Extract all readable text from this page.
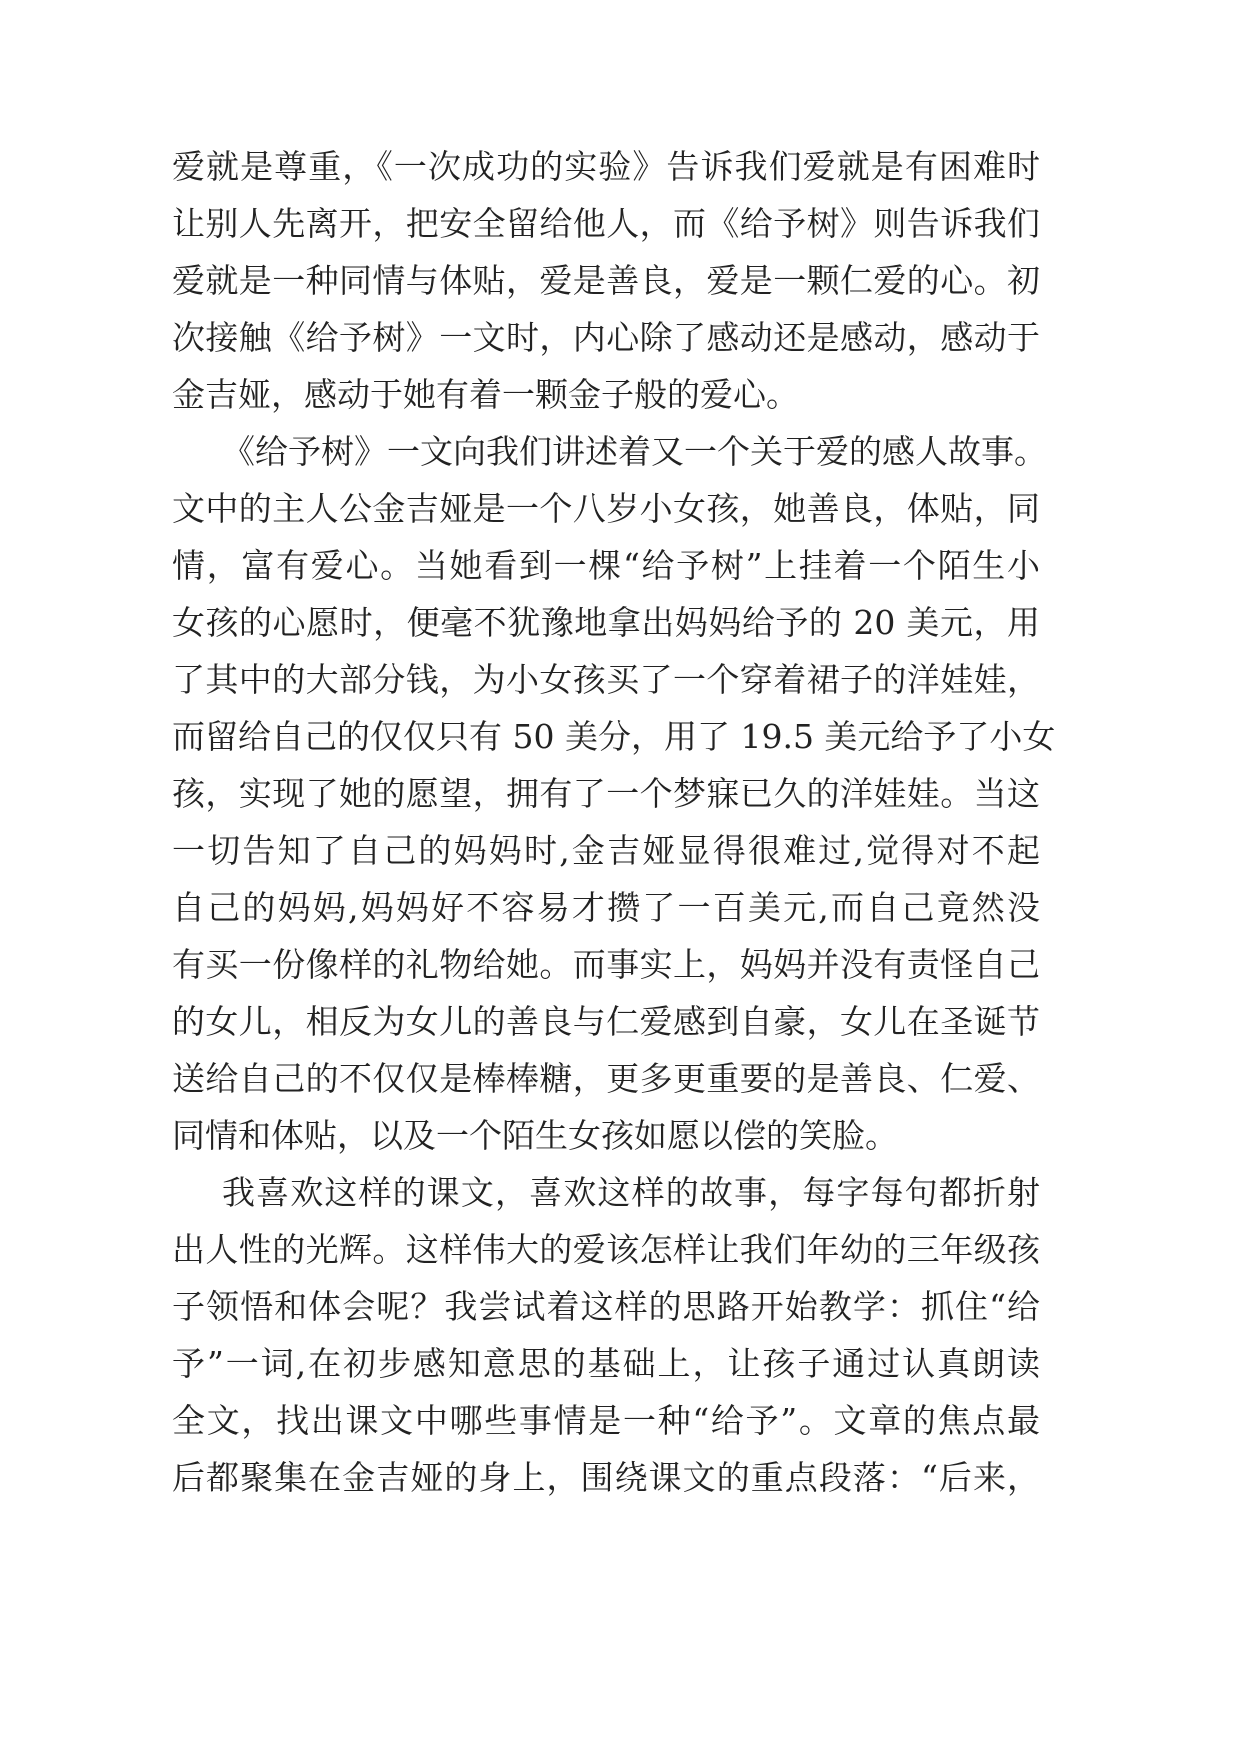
爱就是尊重，《一次成功的实验》告诉我们爱就是有困难时
让别人先离开，把安全留给他人，而《给予树》则告诉我们
爱就是一种同情与体贴，爱是善良，爱是一颗仁爱的心。初
次接触《给予树》一文时，内心除了感动还是感动，感动于
金吉娅，感动于她有着一颗金子般的爱心。
《给予树》一文向我们讲述着又一个关于爱的感人故事。
文中的主人公金吉娅是一个八岁小女孩，她善良，体贴，同
情，富有爱心。当她看到一棵“给予树”上挂着一个陌生小
女孩的心愿时，便毫不犹豫地拿出妈妈给予的 20 美元，用
了其中的大部分钱，为小女孩买了一个穿着裙子的洋娃娃，
而留给自己的仅仅只有 50 美分，用了 19.5 美元给予了小女
孩，实现了她的愿望，拥有了一个梦寐已久的洋娃娃。当这
一切告知了自己的妈妈时,金吉娅显得很难过,觉得对不起
自己的妈妈,妈妈好不容易才攒了一百美元,而自己竟然没
有买一份像样的礼物给她。而事实上，妈妈并没有责怪自己
的女儿，相反为女儿的善良与仁爱感到自豪，女儿在圣诞节
送给自己的不仅仅是棒棒糖，更多更重要的是善良、仁爱、
同情和体贴，以及一个陌生女孩如愿以偿的笑脸。
我喜欢这样的课文，喜欢这样的故事，每字每句都折射
出人性的光辉。这样伟大的爱该怎样让我们年幼的三年级孩
子领悟和体会呢？我尝试着这样的思路开始教学：抓住“给
予”一词,在初步感知意思的基础上，让孩子通过认真朗读
全文，找出课文中哪些事情是一种“给予”。文章的焦点最
后都聚集在金吉娅的身上，围绕课文的重点段落：“后来，
